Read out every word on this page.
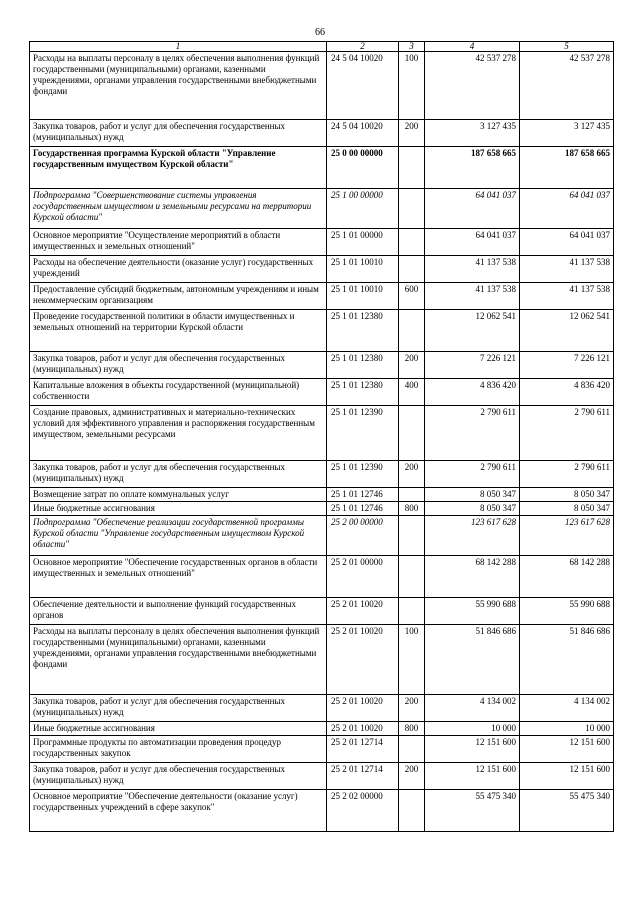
66
1	2	3	4	5
Расходы на выплаты персоналу в целях обеспечения выполнения функций государственными (муниципальными) органами, казенными учреждениями, органами управления государственными внебюджетными фондами	24 5 04 10020	100	42 537 278	42 537 278
Закупка товаров, работ и услуг для обеспечения государственных (муниципальных) нужд	24 5 04 10020	200	3 127 435	3 127 435
Государственная программа Курской области "Управление государственным имуществом Курской области"	25 0 00 00000		187 658 665	187 658 665
Подпрограмма "Совершенствование системы управления государственным имуществом и земельными ресурсами на территории Курской области"	25 1 00 00000		64 041 037	64 041 037
Основное мероприятие "Осуществление мероприятий в области имущественных и земельных отношений"	25 1 01 00000		64 041 037	64 041 037
Расходы на обеспечение деятельности (оказание услуг) государственных учреждений	25 1 01 10010		41 137 538	41 137 538
Предоставление субсидий бюджетным, автономным учреждениям и иным некоммерческим организациям	25 1 01 10010	600	41 137 538	41 137 538
Проведение государственной политики в области имущественных и земельных отношений на территории Курской области	25 1 01 12380		12 062 541	12 062 541
Закупка товаров, работ и услуг для обеспечения государственных (муниципальных) нужд	25 1 01 12380	200	7 226 121	7 226 121
Капитальные вложения в объекты государственной (муниципальной) собственности	25 1 01 12380	400	4 836 420	4 836 420
Создание правовых, административных и материально-технических условий для эффективного управления и распоряжения государственным имуществом, земельными ресурсами	25 1 01 12390		2 790 611	2 790 611
Закупка товаров, работ и услуг для обеспечения государственных (муниципальных) нужд	25 1 01 12390	200	2 790 611	2 790 611
Возмещение затрат по оплате коммунальных услуг	25 1 01 12746		8 050 347	8 050 347
Иные бюджетные ассигнования	25 1 01 12746	800	8 050 347	8 050 347
Подпрограмма "Обеспечение реализации государственной программы Курской области "Управление государственным имуществом Курской области"	25 2 00 00000		123 617 628	123 617 628
Основное мероприятие "Обеспечение государственных органов в области имущественных и земельных отношений"	25 2 01 00000		68 142 288	68 142 288
Обеспечение деятельности и выполнение функций государственных органов	25 2 01 10020		55 990 688	55 990 688
Расходы на выплаты персоналу в целях обеспечения выполнения функций государственными (муниципальными) органами, казенными учреждениями, органами управления государственными внебюджетными фондами	25 2 01 10020	100	51 846 686	51 846 686
Закупка товаров, работ и услуг для обеспечения государственных (муниципальных) нужд	25 2 01 10020	200	4 134 002	4 134 002
Иные бюджетные ассигнования	25 2 01 10020	800	10 000	10 000
Программные продукты по автоматизации проведения процедур государственных закупок	25 2 01 12714		12 151 600	12 151 600
Закупка товаров, работ и услуг для обеспечения государственных (муниципальных) нужд	25 2 01 12714	200	12 151 600	12 151 600
Основное мероприятие "Обеспечение деятельности (оказание услуг) государственных учреждений в сфере закупок"	25 2 02 00000		55 475 340	55 475 340
